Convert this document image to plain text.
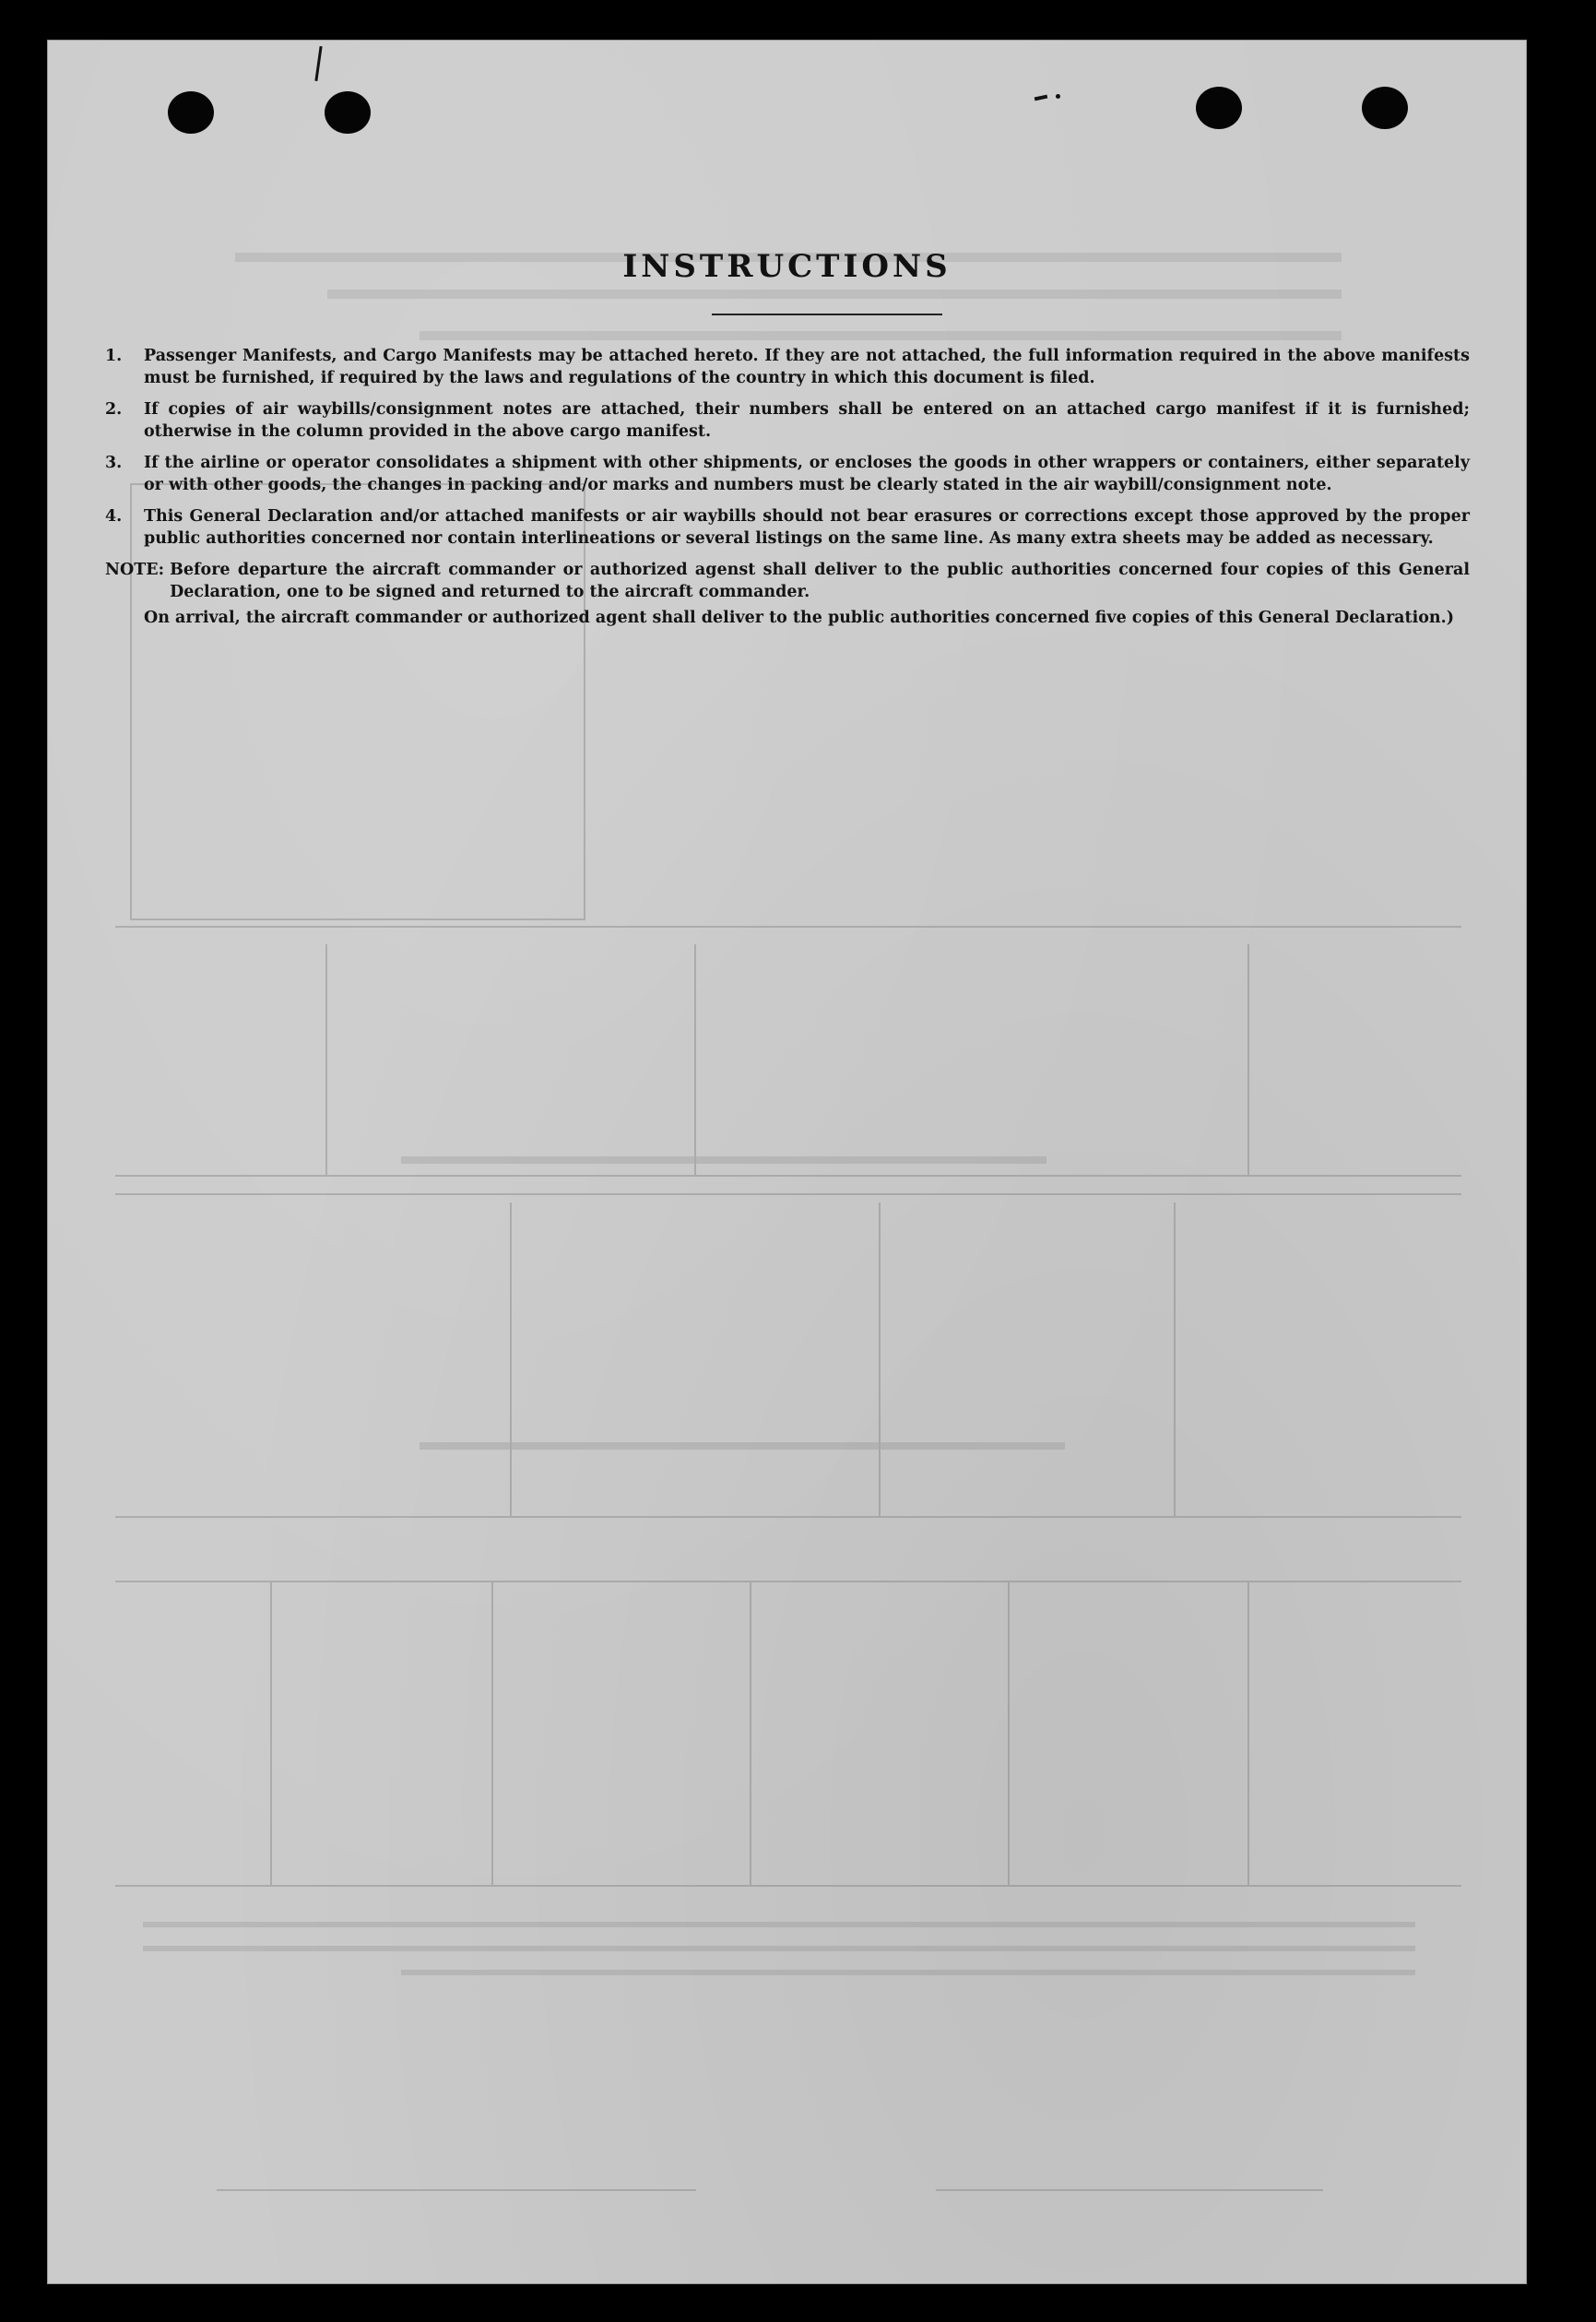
INSTRUCTIONS
1.	Passenger Manifests, and Cargo Manifests may be attached hereto. If they are not attached, the full information required in the above manifests must be furnished, if required by the laws and regulations of the country in which this document is filed.
2.	If copies of air waybills/consignment notes are attached, their numbers shall be entered on an attached cargo manifest if it is furnished; otherwise in the column provided in the above cargo manifest.
3.	If the airline or operator consolidates a shipment with other shipments, or encloses the goods in other wrappers or containers, either separately or with other goods, the changes in packing and/or marks and numbers must be clearly stated in the air waybill/consignment note.
4.	This General Declaration and/or attached manifests or air waybills should not bear erasures or corrections except those approved by the proper public authorities concerned nor contain interlineations or several listings on the same line. As many extra sheets may be added as necessary.
NOTE: Before departure the aircraft commander or authorized agenst shall deliver to the public authorities concerned four copies of this General Declaration, one to be signed and returned to the aircraft commander.
On arrival, the aircraft commander or authorized agent shall deliver to the public authorities concerned five copies of this General Declaration.)
